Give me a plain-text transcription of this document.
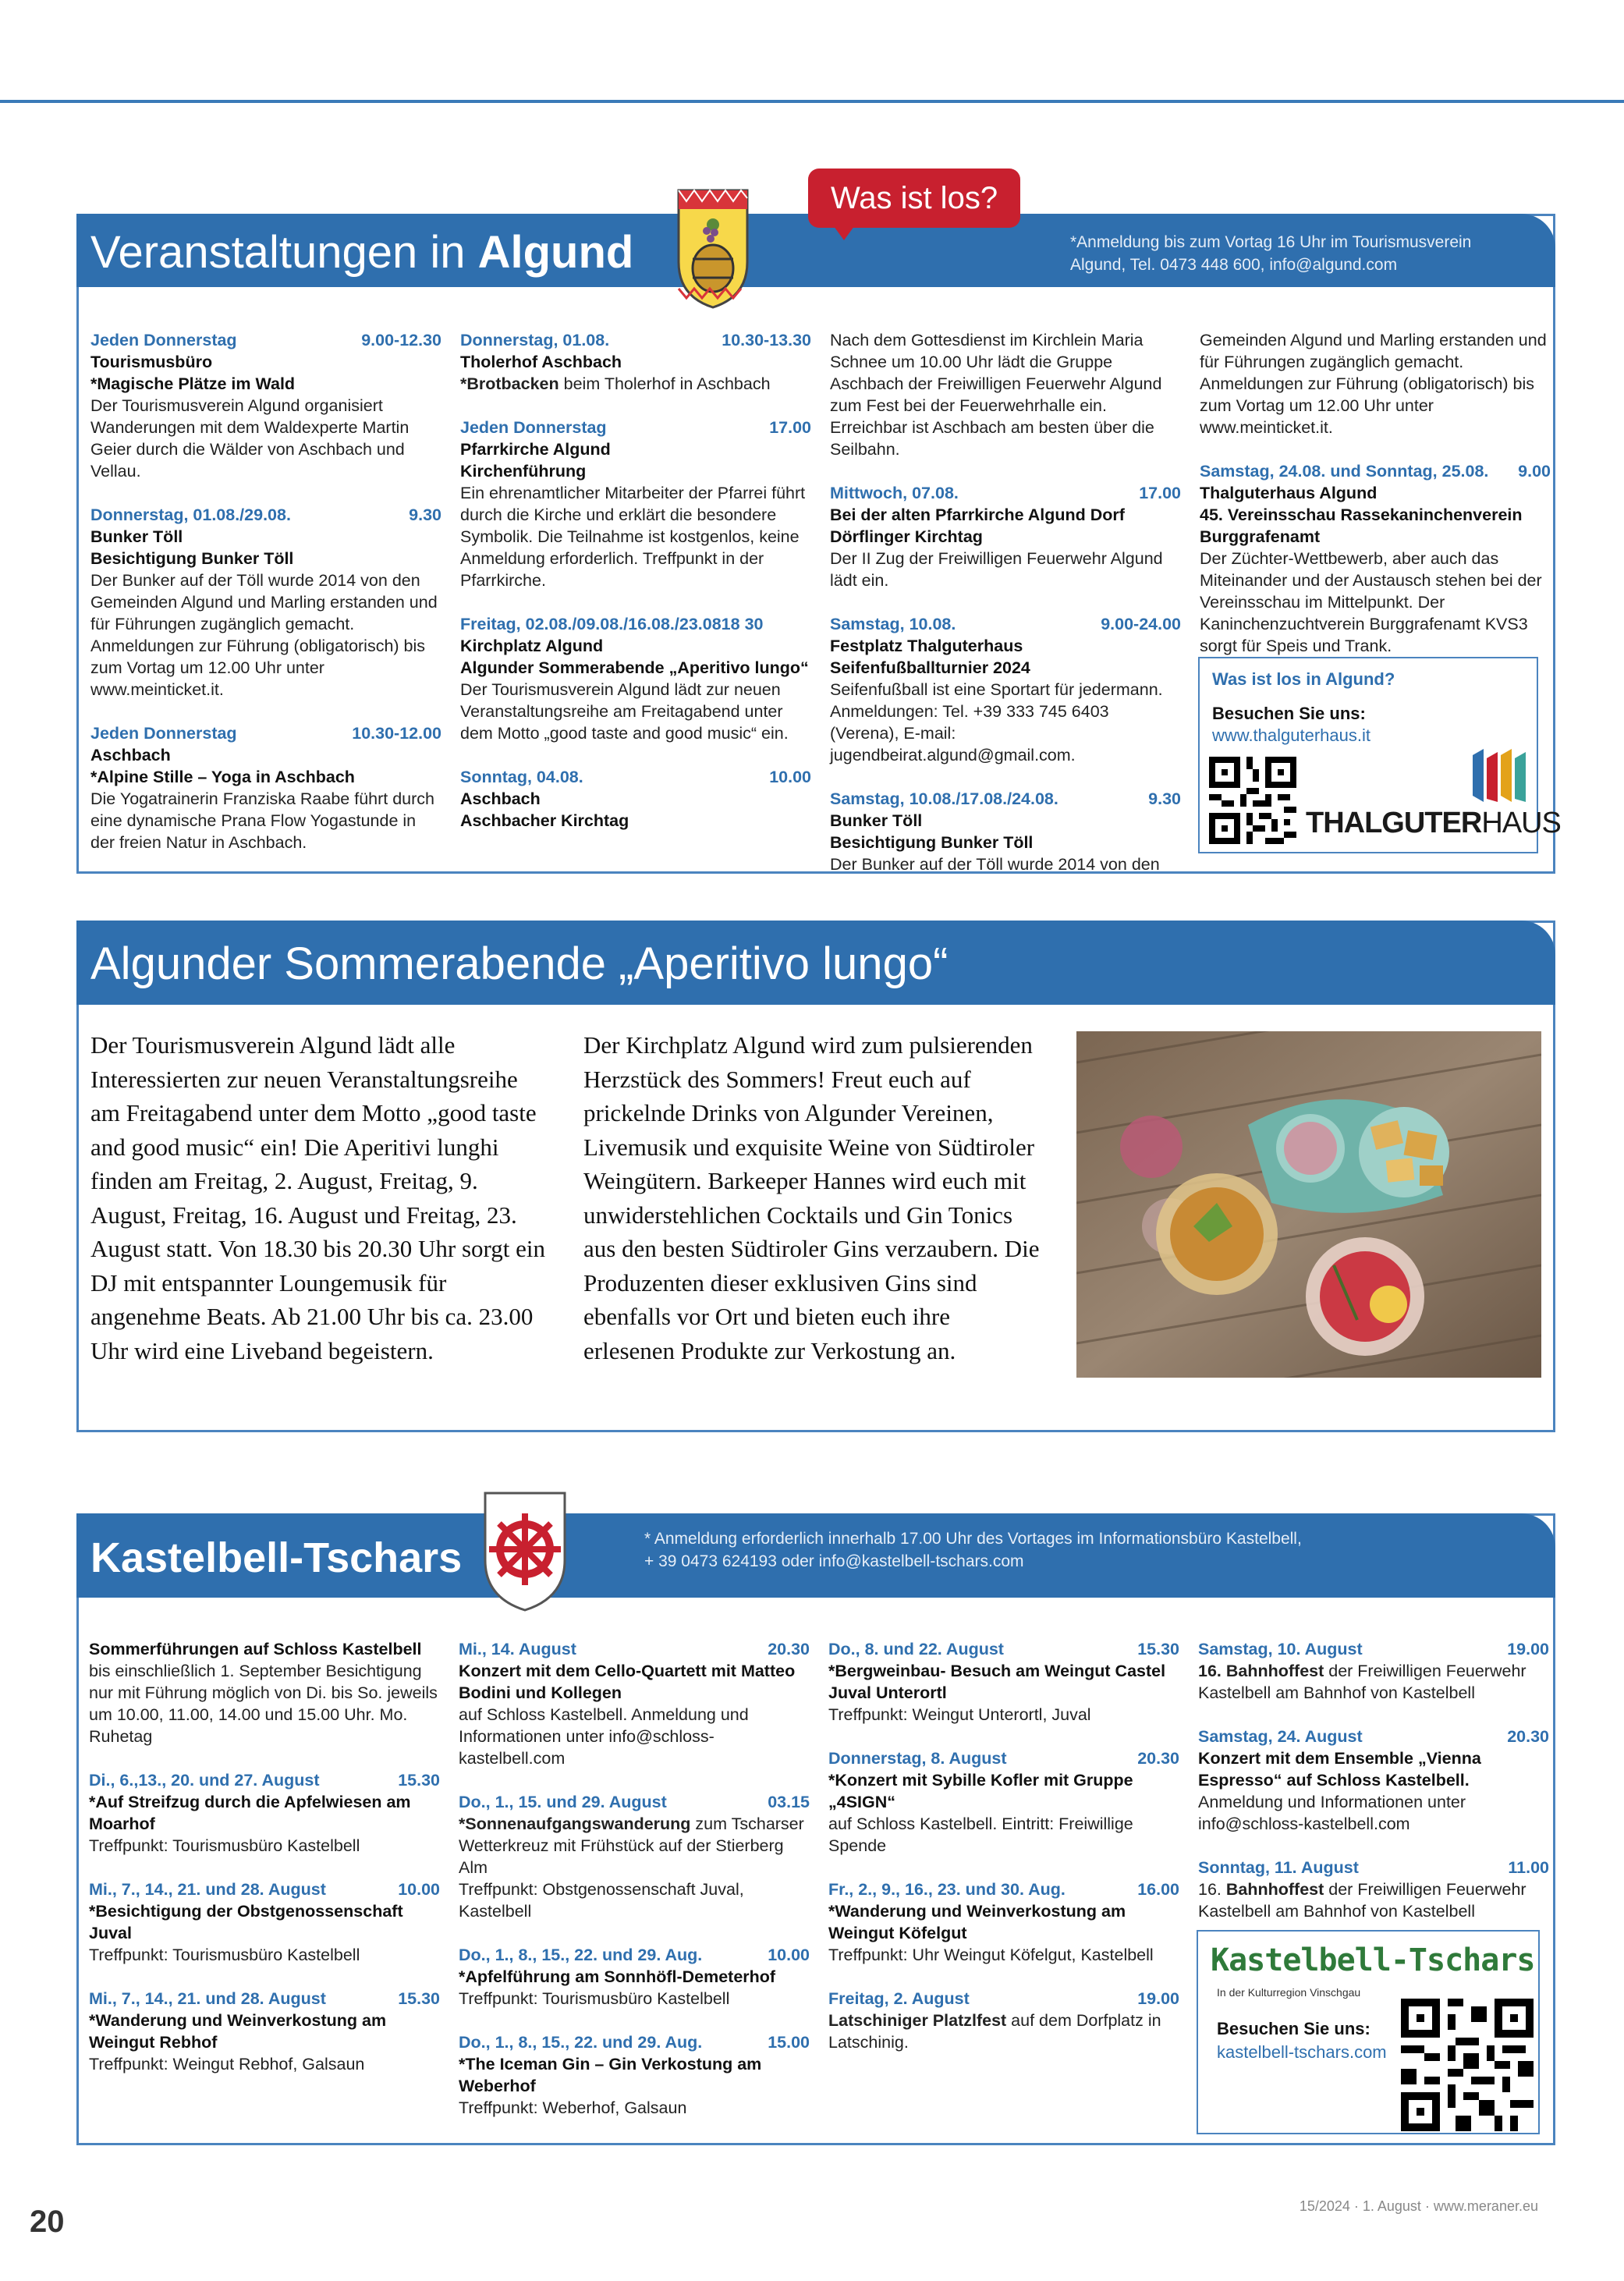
Veranstaltungen in Algund	*Anmeldung bis zum Vortag 16 Uhr im Tourismusverein
Algund, Tel. 0473 448 600, info@algund.com
Was ist los?
Jeden Donnerstag	9.00-12.30
Tourismusbüro
*Magische Plätze im Wald
Der Tourismusverein Algund organisiert Wanderungen mit dem Waldexperte Martin Geier durch die Wälder von Aschbach und Vellau.
Donnerstag, 01.08./29.08.	9.30
Bunker Töll
Besichtigung Bunker Töll
Der Bunker auf der Töll wurde 2014 von den Gemeinden Algund und Marling erstanden und für Führungen zugänglich gemacht. Anmeldungen zur Führung (obligatorisch) bis zum Vortag um 12.00 Uhr unter www.meinticket.it.
Jeden Donnerstag	10.30-12.00
Aschbach
*Alpine Stille – Yoga in Aschbach
Die Yogatrainerin Franziska Raabe führt durch eine dynamische Prana Flow Yogastunde in der freien Natur in Aschbach.
Donnerstag, 01.08.	10.30-13.30
Tholerhof Aschbach
*Brotbacken beim Tholerhof in Aschbach
Jeden Donnerstag	17.00
Pfarrkirche Algund
Kirchenführung
Ein ehrenamtlicher Mitarbeiter der Pfarrei führt durch die Kirche und erklärt die besondere Symbolik. Die Teilnahme ist kostgenlos, keine Anmeldung erforderlich. Treffpunkt in der Pfarrkirche.
Freitag, 02.08./09.08./16.08./23.0818 30
Kirchplatz Algund
Algunder Sommerabende „Aperitivo lungo“
Der Tourismusverein Algund lädt zur neuen Veranstaltungsreihe am Freitagabend unter dem Motto „good taste and good music“ ein.
Sonntag, 04.08.	10.00
Aschbach
Aschbacher Kirchtag
Nach dem Gottesdienst im Kirchlein Maria Schnee um 10.00 Uhr lädt die Gruppe Aschbach der Freiwilligen Feuerwehr Algund zum Fest bei der Feuerwehrhalle ein. Erreichbar ist Aschbach am besten über die Seilbahn.
Mittwoch, 07.08.	17.00
Bei der alten Pfarrkirche Algund Dorf
Dörflinger Kirchtag
Der II Zug der Freiwilligen Feuerwehr Algund lädt ein.
Samstag, 10.08.	9.00-24.00
Festplatz Thalguterhaus
Seifenfußballturnier 2024
Seifenfußball ist eine Sportart für jedermann. Anmeldungen: Tel. +39 333 745 6403 (Verena), E-mail: jugendbeirat.algund@gmail.com.
Samstag, 10.08./17.08./24.08.	9.30
Bunker Töll
Besichtigung Bunker Töll
Der Bunker auf der Töll wurde 2014 von den
Gemeinden Algund und Marling erstanden und für Führungen zugänglich gemacht. Anmeldungen zur Führung (obligatorisch) bis zum Vortag um 12.00 Uhr unter www.meinticket.it.
Samstag, 24.08. und Sonntag, 25.08. 9.00
Thalguterhaus Algund
45. Vereinsschau Rassekaninchenverein Burggrafenamt
Der Züchter-Wettbewerb, aber auch das Miteinander und der Austausch stehen bei der Vereinsschau im Mittelpunkt. Der Kaninchenzuchtverein Burggrafenamt KVS3 sorgt für Speis und Trank.
Was ist los in Algund?
Besuchen Sie uns:
www.thalguterhaus.it
THALGUTERHAUS
Algunder Sommerabende „Aperitivo lungo“
Der Tourismusverein Algund lädt alle Interessierten zur neuen Veranstaltungsreihe am Freitagabend unter dem Motto „good taste and good music“ ein! Die Aperitivi lunghi finden am Freitag, 2. August, Freitag, 9. August, Freitag, 16. August und Freitag, 23. August statt. Von 18.30 bis 20.30 Uhr sorgt ein DJ mit entspannter Loungemusik für angenehme Beats. Ab 21.00 Uhr bis ca. 23.00 Uhr wird eine Liveband begeistern.
Der Kirchplatz Algund wird zum pulsierenden Herzstück des Sommers! Freut euch auf prickelnde Drinks von Algunder Vereinen, Livemusik und exquisite Weine von Südtiroler Weingütern. Barkeeper Hannes wird euch mit unwiderstehlichen Cocktails und Gin Tonics aus den besten Südtiroler Gins verzaubern. Die Produzenten dieser exklusiven Gins sind ebenfalls vor Ort und bieten euch ihre erlesenen Produkte zur Verkostung an.
Kastelbell-Tschars	* Anmeldung erforderlich innerhalb 17.00 Uhr des Vortages im Informationsbüro Kastelbell,
+ 39 0473 624193 oder info@kastelbell-tschars.com
Sommerführungen auf Schloss Kastelbell
bis einschließlich 1. September Besichtigung nur mit Führung möglich von Di. bis So. jeweils um 10.00, 11.00, 14.00 und 15.00 Uhr. Mo. Ruhetag
Di., 6.,13., 20. und 27. August	15.30
*Auf Streifzug durch die Apfelwiesen am Moarhof
Treffpunkt: Tourismusbüro Kastelbell
Mi., 7., 14., 21. und 28. August	10.00
*Besichtigung der Obstgenossenschaft Juval
Treffpunkt: Tourismusbüro Kastelbell
Mi., 7., 14., 21. und 28. August	15.30
*Wanderung und Weinverkostung am Weingut Rebhof
Treffpunkt: Weingut Rebhof, Galsaun
Mi., 14. August	20.30
Konzert mit dem Cello-Quartett mit Matteo Bodini und Kollegen
auf Schloss Kastelbell. Anmeldung und Informationen unter info@schloss-kastelbell.com
Do., 1., 15. und 29. August	03.15
*Sonnenaufgangswanderung zum Tscharser Wetterkreuz mit Frühstück auf der Stierberg Alm
Treffpunkt: Obstgenossenschaft Juval, Kastelbell
Do., 1., 8., 15., 22. und 29. Aug.	10.00
*Apfelführung am Sonnhöfl-Demeterhof
Treffpunkt: Tourismusbüro Kastelbell
Do., 1., 8., 15., 22. und 29. Aug.	15.00
*The Iceman Gin – Gin Verkostung am Weberhof
Treffpunkt: Weberhof, Galsaun
Do., 8. und 22. August	15.30
*Bergweinbau- Besuch am Weingut Castel Juval Unterortl
Treffpunkt: Weingut Unterortl, Juval
Donnerstag, 8. August	20.30
*Konzert mit Sybille Kofler mit Gruppe „4SIGN“
auf Schloss Kastelbell. Eintritt: Freiwillige Spende
Fr., 2., 9., 16., 23. und 30. Aug.	16.00
*Wanderung und Weinverkostung am Weingut Köfelgut
Treffpunkt: Uhr Weingut Köfelgut, Kastelbell
Freitag, 2. August	19.00
Latschiniger Platzlfest auf dem Dorfplatz in Latschinig.
Samstag, 10. August	19.00
16. Bahnhoffest der Freiwilligen Feuerwehr Kastelbell am Bahnhof von Kastelbell
Samstag, 24. August	20.30
Konzert mit dem Ensemble „Vienna Espresso“ auf Schloss Kastelbell.
Anmeldung und Informationen unter info@schloss-kastelbell.com
Sonntag, 11. August	11.00
16. Bahnhoffest der Freiwilligen Feuerwehr Kastelbell am Bahnhof von Kastelbell
Kastelbell-Tschars
In der Kulturregion Vinschgau
Besuchen Sie uns:
kastelbell-tschars.com
20	15/2024 · 1. August · www.meraner.eu
